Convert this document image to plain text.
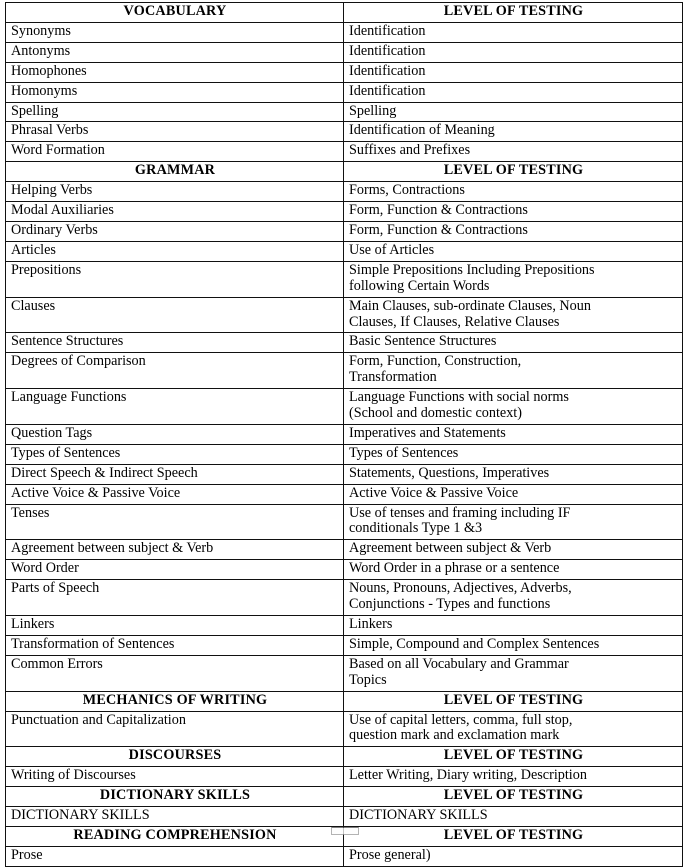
VOCABULARY	LEVEL OF TESTING
Synonyms	Identification

Antonyms	Identification

Homophones	Identification

Homonyms	Identification

Spelling	Spelling

Phrasal Verbs	Identification of Meaning

Word Formation	Suffixes and Prefixes

GRAMMAR	LEVEL OF TESTING
Helping Verbs	Forms, Contractions

Modal Auxiliaries	Form, Function & Contractions

Ordinary Verbs	Form, Function & Contractions

Articles	Use of Articles

Prepositions	Simple Prepositions Including Prepositions
following Certain Words

Clauses	Main Clauses, sub-ordinate Clauses, Noun
Clauses, If Clauses, Relative Clauses

Sentence Structures	Basic Sentence Structures

Degrees of Comparison	Form, Function, Construction,
Transformation

Language Functions	Language Functions with social norms
(School and domestic context)

Question Tags	Imperatives and Statements

Types of Sentences	Types of Sentences

Direct Speech & Indirect Speech	Statements, Questions, Imperatives

Active Voice & Passive Voice	Active Voice & Passive Voice

Tenses	Use of tenses and framing including IF
conditionals Type 1 &3

Agreement between subject & Verb	Agreement between subject & Verb

Word Order	Word Order in a phrase or a sentence

Parts of Speech	Nouns, Pronouns, Adjectives, Adverbs,
Conjunctions - Types and functions

Linkers	Linkers

Transformation of Sentences	Simple, Compound and Complex Sentences

Common Errors	Based on all Vocabulary and Grammar
Topics

MECHANICS OF WRITING	LEVEL OF TESTING
Punctuation and Capitalization	Use of capital letters, comma, full stop,
question mark and exclamation mark

DISCOURSES	LEVEL OF TESTING
Writing of Discourses	Letter Writing, Diary writing, Description

DICTIONARY SKILLS	LEVEL OF TESTING
DICTIONARY SKILLS	DICTIONARY SKILLS

READING COMPREHENSION	LEVEL OF TESTING
Prose	Prose general)
